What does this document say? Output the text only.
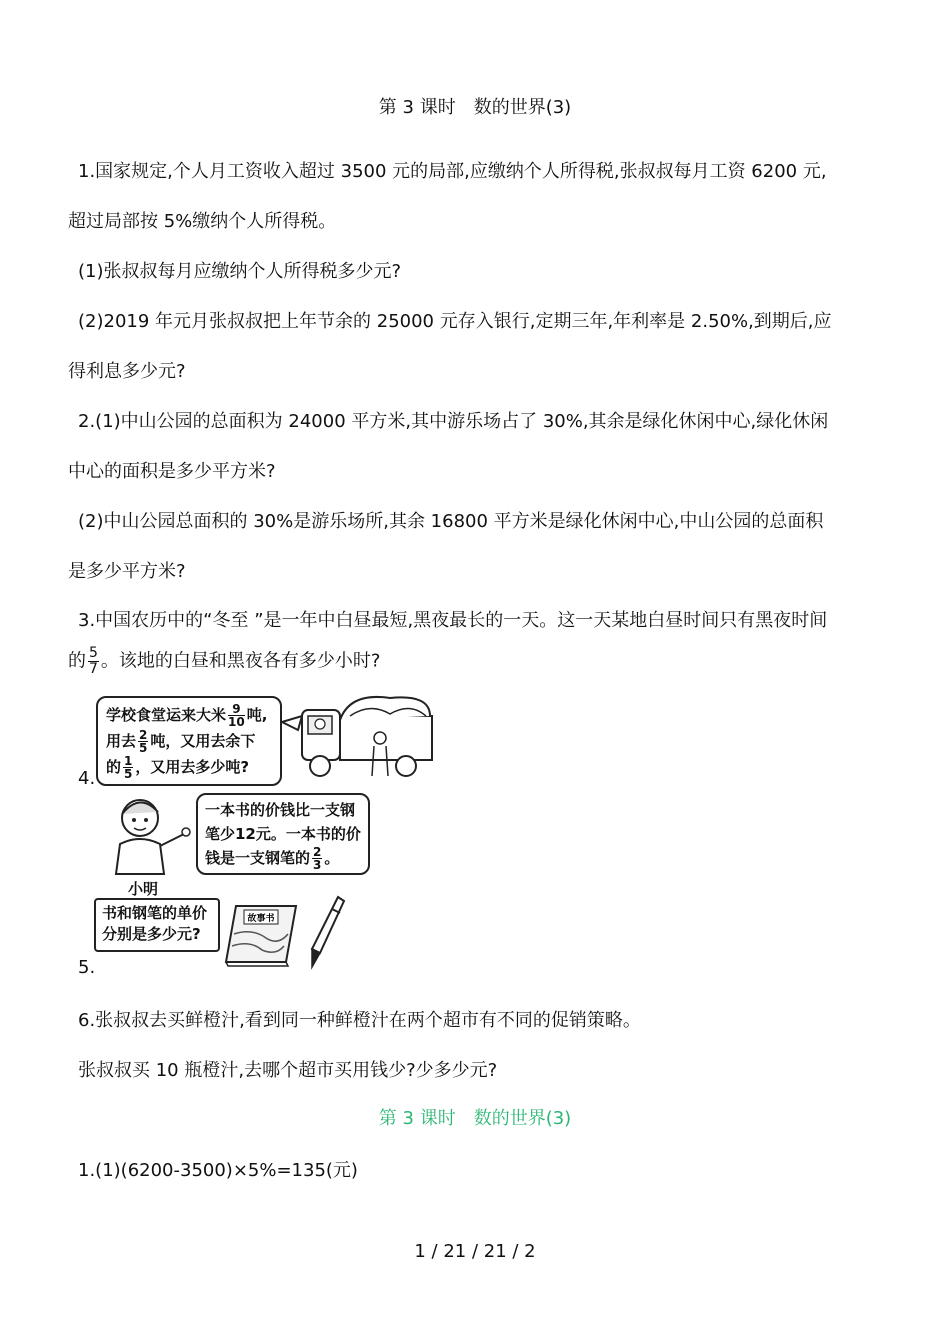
第 3 课时　数的世界(3)
1.国家规定,个人月工资收入超过 3500 元的局部,应缴纳个人所得税,张叔叔每月工资 6200 元,
超过局部按 5%缴纳个人所得税。
(1)张叔叔每月应缴纳个人所得税多少元?
(2)2019 年元月张叔叔把上年节余的 25000 元存入银行,定期三年,年利率是 2.50%,到期后,应
得利息多少元?
2.(1)中山公园的总面积为 24000 平方米,其中游乐场占了 30%,其余是绿化休闲中心,绿化休闲
中心的面积是多少平方米?
(2)中山公园总面积的 30%是游乐场所,其余 16800 平方米是绿化休闲中心,中山公园的总面积
是多少平方米?
3.中国农历中的“冬至 ”是一年中白昼最短,黑夜最长的一天。这一天某地白昼时间只有黑夜时间
的 $\frac{5}{7}$ 。该地的白昼和黑夜各有多少小时?
4.
学校食堂运来大米 $\frac{9}{10}$ 吨,
用去 $\frac{2}{5}$ 吨，又用去余下
的 $\frac{1}{5}$ ，又用去多少吨?
小明
一本书的价钱比一支钢
笔少12元。一本书的价
钱是一支钢笔的 $\frac{2}{3}$ 。
书和钢笔的单价
分别是多少元?
故事书
5.
6.张叔叔去买鲜橙汁,看到同一种鲜橙汁在两个超市有不同的促销策略。
张叔叔买 10 瓶橙汁,去哪个超市买用钱少?少多少元?
第 3 课时　数的世界(3)
1.(1)(6200-3500)×5%=135(元)
1 / 21 / 21 / 2
